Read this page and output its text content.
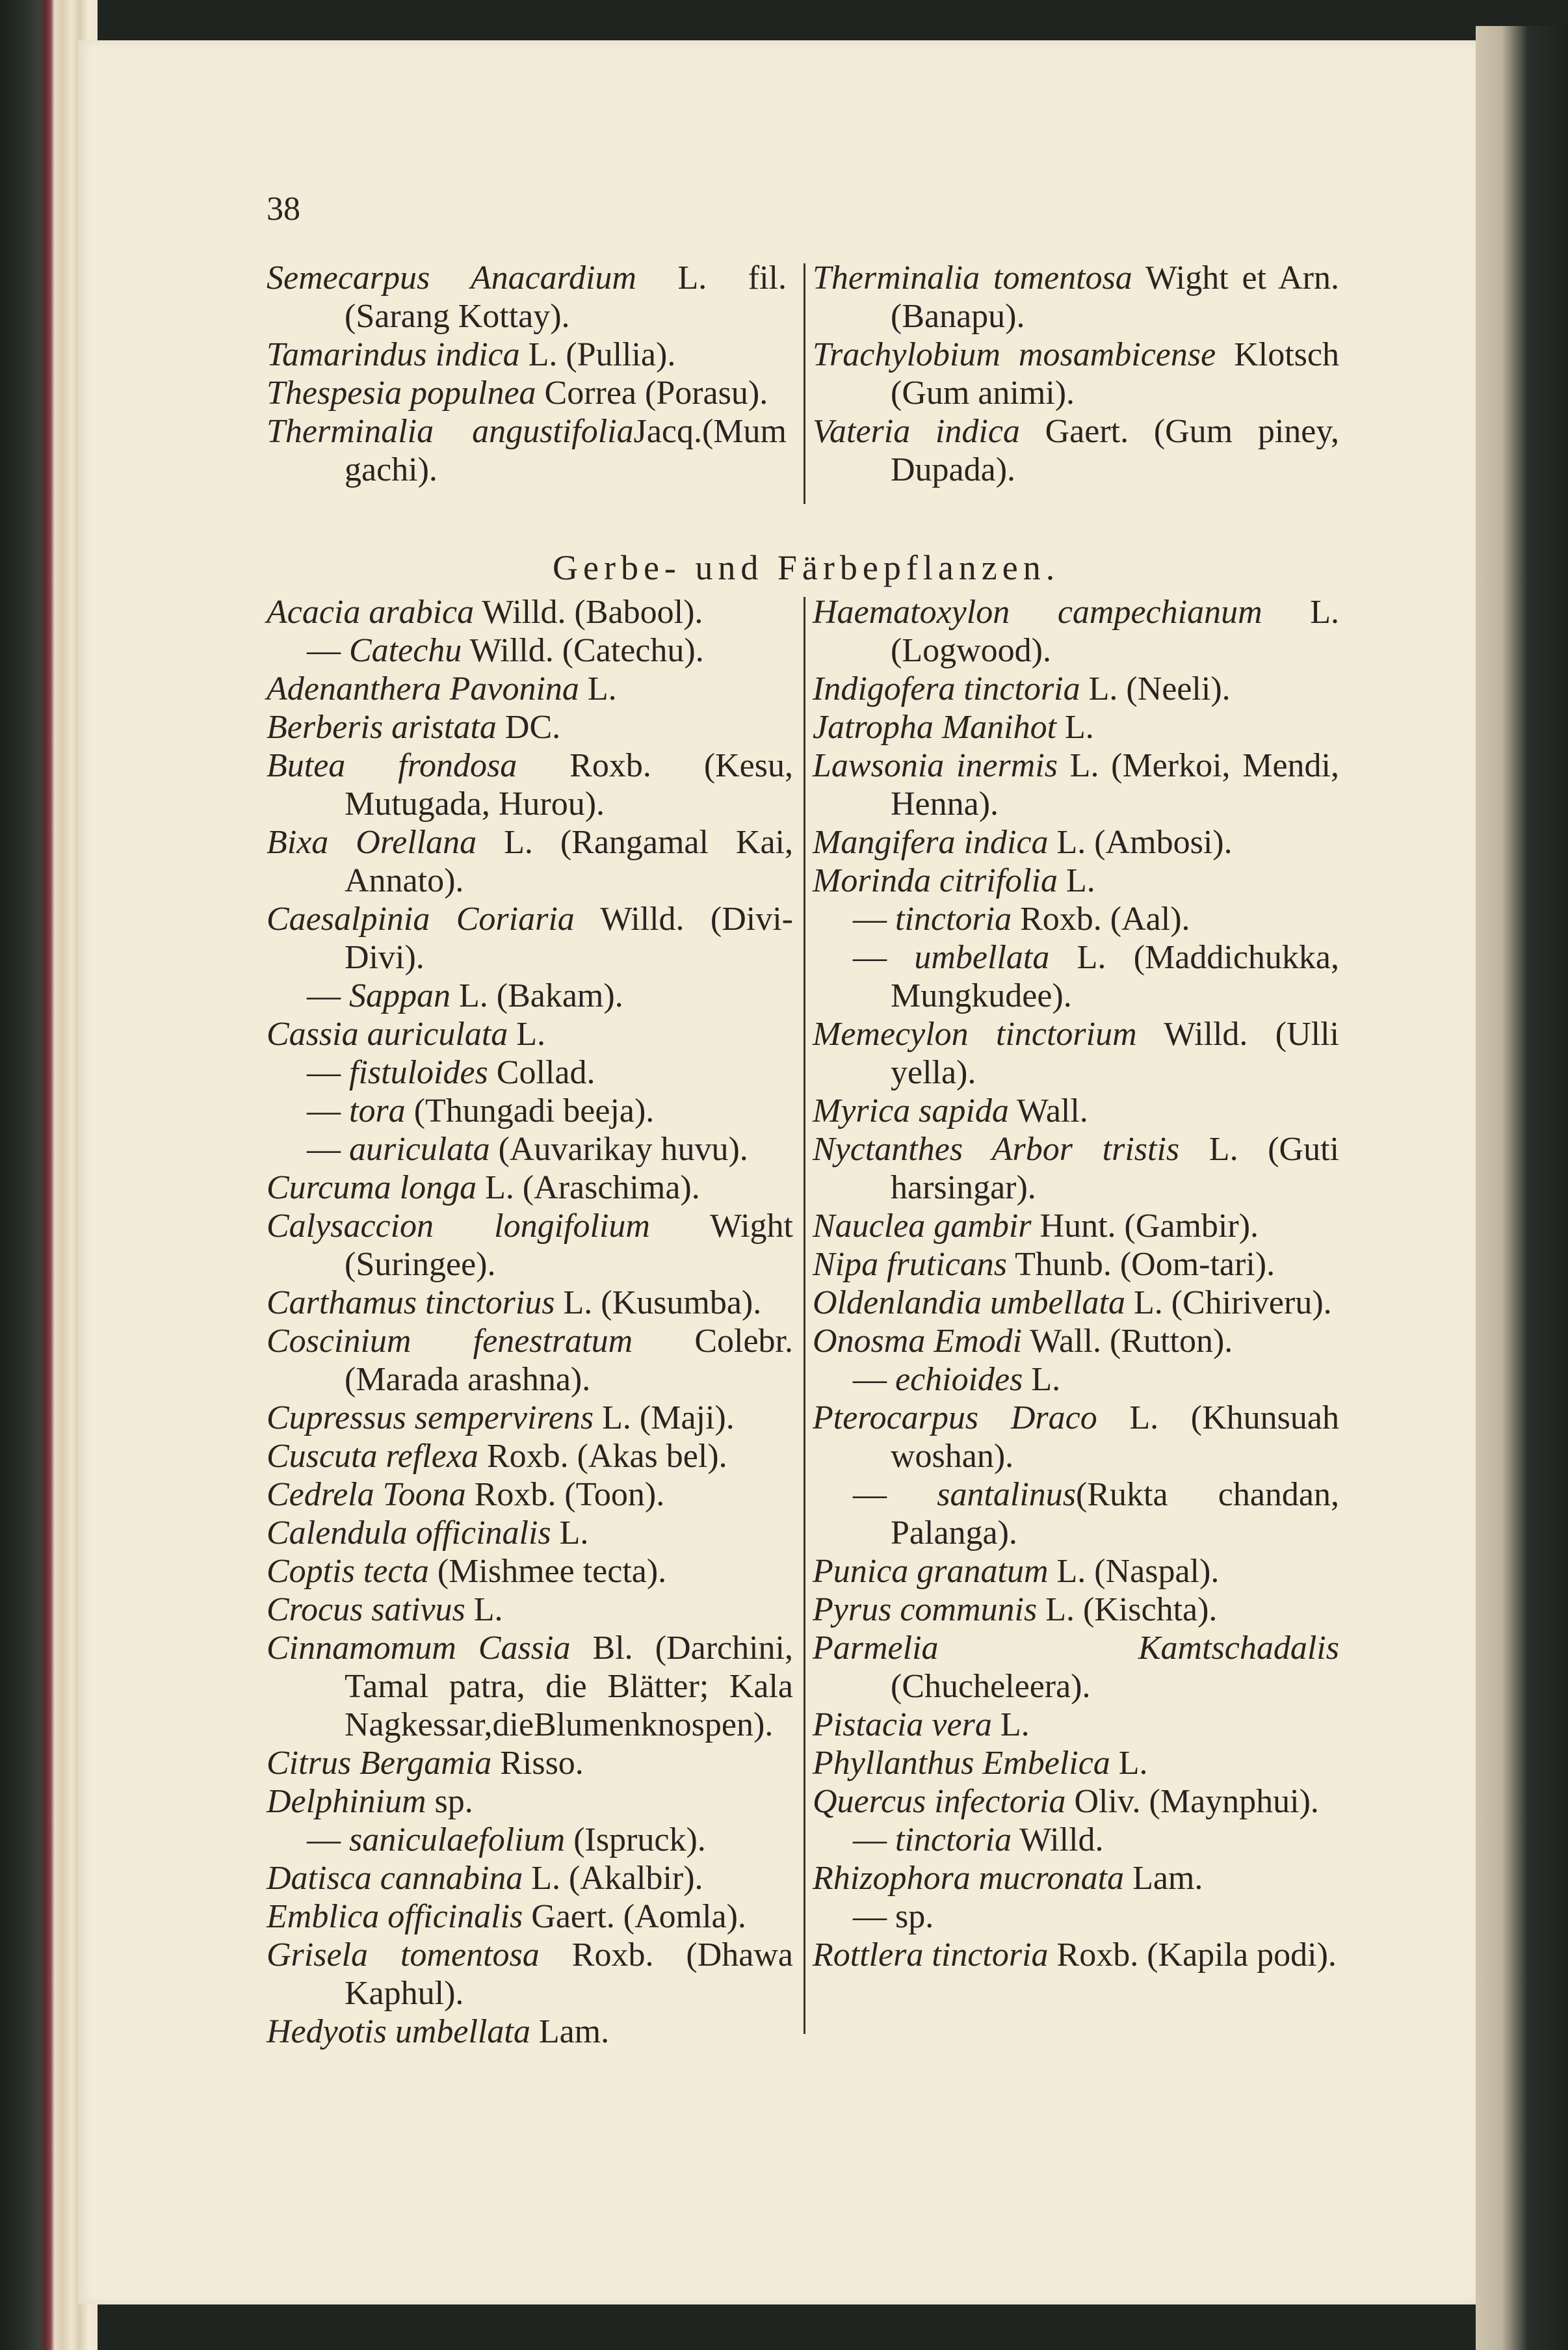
38
Semecarpus Anacardium L. fil. (Sarang Kottay).
Tamarindus indica L. (Pullia).
Thespesia populnea Correa (Porasu).
Therminalia angustifoliaJacq.(Mum gachi).
Therminalia tomentosa Wight et Arn. (Banapu).
Trachylobium mosambicense Klotsch (Gum animi).
Vateria indica Gaert. (Gum piney, Dupada).
Gerbe- und Färbepflanzen.
Acacia arabica Willd. (Babool).
— Catechu Willd. (Catechu).
Adenanthera Pavonina L.
Berberis aristata DC.
Butea frondosa Roxb. (Kesu, Mutugada, Hurou).
Bixa Orellana L. (Rangamal Kai, Annato).
Caesalpinia Coriaria Willd. (Divi-Divi).
— Sappan L. (Bakam).
Cassia auriculata L.
— fistuloides Collad.
— tora (Thungadi beeja).
— auriculata (Auvarikay huvu).
Curcuma longa L. (Araschima).
Calysaccion longifolium Wight (Suringee).
Carthamus tinctorius L. (Kusumba).
Coscinium fenestratum Colebr. (Marada arashna).
Cupressus sempervirens L. (Maji).
Cuscuta reflexa Roxb. (Akas bel).
Cedrela Toona Roxb. (Toon).
Calendula officinalis L.
Coptis tecta (Mishmee tecta).
Crocus sativus L.
Cinnamomum Cassia Bl. (Darchini, Tamal patra, die Blätter; Kala Nagkessar,dieBlumenknospen).
Citrus Bergamia Risso.
Delphinium sp.
— saniculaefolium (Ispruck).
Datisca cannabina L. (Akalbir).
Emblica officinalis Gaert. (Aomla).
Grisela tomentosa Roxb. (Dhawa Kaphul).
Hedyotis umbellata Lam.
Haematoxylon campechianum L. (Logwood).
Indigofera tinctoria L. (Neeli).
Jatropha Manihot L.
Lawsonia inermis L. (Merkoi, Mendi, Henna).
Mangifera indica L. (Ambosi).
Morinda citrifolia L.
— tinctoria Roxb. (Aal).
— umbellata L. (Maddichukka, Mungkudee).
Memecylon tinctorium Willd. (Ulli yella).
Myrica sapida Wall.
Nyctanthes Arbor tristis L. (Guti harsingar).
Nauclea gambir Hunt. (Gambir).
Nipa fruticans Thunb. (Oom-tari).
Oldenlandia umbellata L. (Chiriveru).
Onosma Emodi Wall. (Rutton).
— echioides L.
Pterocarpus Draco L. (Khunsuah woshan).
— santalinus(Rukta chandan, Palanga).
Punica granatum L. (Naspal).
Pyrus communis L. (Kischta).
Parmelia Kamtschadalis (Chucheleera).
Pistacia vera L.
Phyllanthus Embelica L.
Quercus infectoria Oliv. (Maynphui).
— tinctoria Willd.
Rhizophora mucronata Lam.
— sp.
Rottlera tinctoria Roxb. (Kapila podi).
